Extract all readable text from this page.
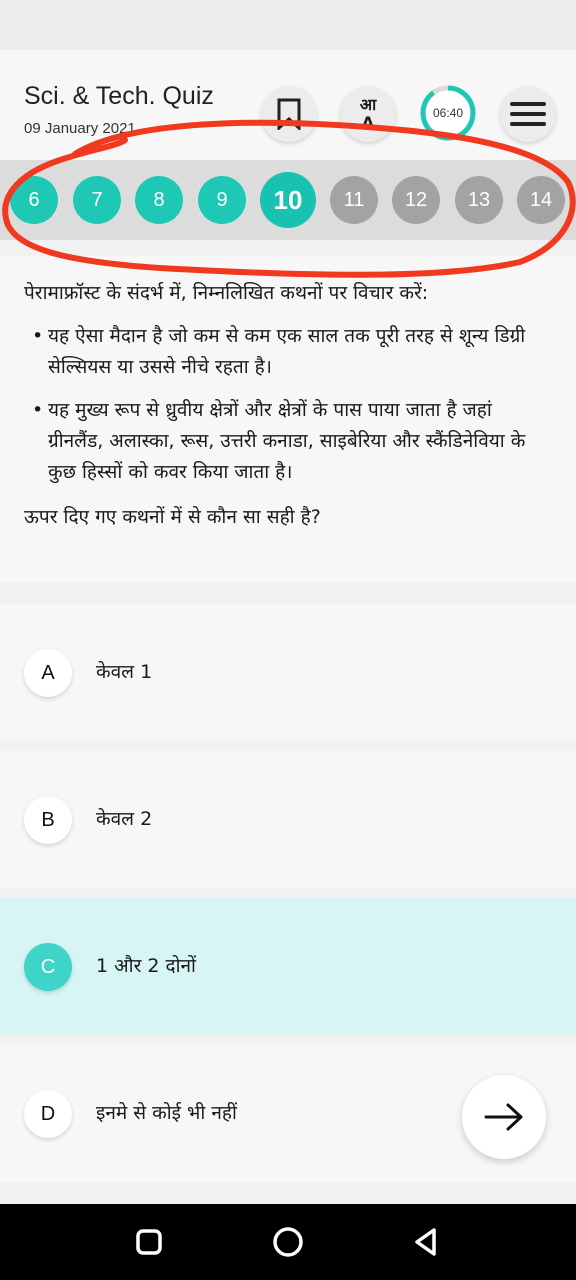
Sci. & Tech. Quiz
09 January 2021
आ
A	06:40
6	7	8	9 10 11 12 13 14
पेरामाफ्रॉस्ट के संदर्भ में, निम्नलिखित कथनों पर विचार करें:
• यह ऐसा मैदान है जो कम से कम एक साल तक पूरी तरह से शून्य डिग्री सेल्सियस या उससे नीचे रहता है।
• यह मुख्य रूप से ध्रुवीय क्षेत्रों और क्षेत्रों के पास पाया जाता है जहां ग्रीनलैंड, अलास्का, रूस, उत्तरी कनाडा, साइबेरिया और स्कैंडिनेविया के कुछ हिस्सों को कवर किया जाता है।
ऊपर दिए गए कथनों में से कौन सा सही है?
A	केवल 1
B	केवल 2
C	1 और 2 दोनों
D	इनमे से कोई भी नहीं
